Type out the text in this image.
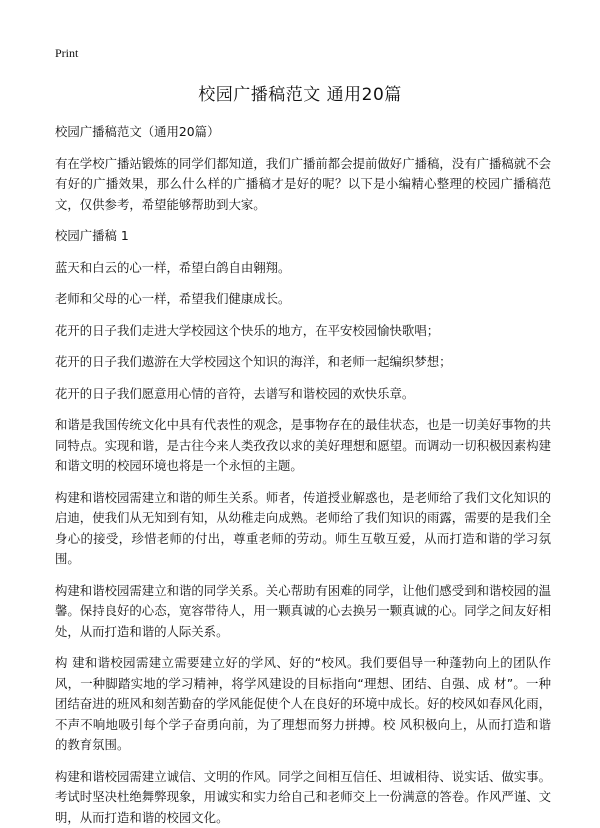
Print
校园广播稿范文 通用20篇

校园广播稿范文（通用20篇）

有在学校广播站锻炼的同学们都知道，我们广播前都会提前做好广播稿，没有广播稿就不会有好的广播效果，那么什么样的广播稿才是好的呢？以下是小编精心整理的校园广播稿范文，仅供参考，希望能够帮助到大家。

校园广播稿 1

蓝天和白云的心一样，希望白鸽自由翱翔。

老师和父母的心一样，希望我们健康成长。

花开的日子我们走进大学校园这个快乐的地方，在平安校园愉快歌唱；

花开的日子我们遨游在大学校园这个知识的海洋，和老师一起编织梦想；

花开的日子我们愿意用心情的音符，去谱写和谐校园的欢快乐章。

和谐是我国传统文化中具有代表性的观念，是事物存在的最佳状态，也是一切美好事物的共同特点。实现和谐，是古往今来人类孜孜以求的美好理想和愿望。而调动一切积极因素构建和谐文明的校园环境也将是一个永恒的主题。

构建和谐校园需建立和谐的师生关系。师者，传道授业解惑也，是老师给了我们文化知识的启迪，使我们从无知到有知，从幼稚走向成熟。老师给了我们知识的雨露，需要的是我们全身心的接受，珍惜老师的付出，尊重老师的劳动。师生互敬互爱，从而打造和谐的学习氛围。

构建和谐校园需建立和谐的同学关系。关心帮助有困难的同学，让他们感受到和谐校园的温馨。保持良好的心态，宽容带待人，用一颗真诚的心去换另一颗真诚的心。同学之间友好相处，从而打造和谐的人际关系。

构 建和谐校园需建立需要建立好的学风、好的“校风。我们要倡导一种蓬勃向上的团队作风，一种脚踏实地的学习精神，将学风建设的目标指向“理想、团结、自强、成 材”。一种团结奋进的班风和刻苦勤奋的学风能促使个人在良好的环境中成长。好的校风如春风化雨，不声不响地吸引每个学子奋勇向前，为了理想而努力拼搏。校 风积极向上，从而打造和谐的教育氛围。

构建和谐校园需建立诚信、文明的作风。同学之间相互信任、坦诚相待、说实话、做实事。考试时坚决杜绝舞弊现象，用诚实和实力给自己和老师交上一份满意的答卷。作风严谨、文明，从而打造和谐的校园文化。
